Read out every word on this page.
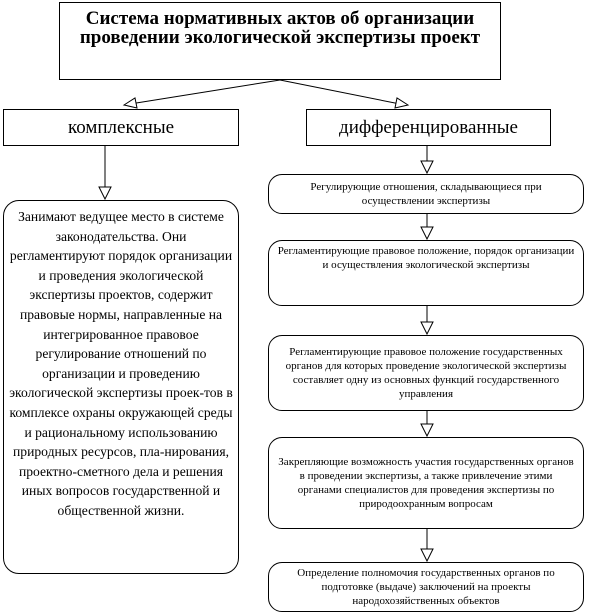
Система нормативных актов об организации
проведении экологической экспертизы проект
комплексные	дифференцированные
Занимают ведущее место в системе законодательства. Они регламентируют порядок организации и проведения экологической экспертизы проектов, содержит правовые нормы, направленные на интегрированное правовое регулирование отношений по организации и проведению экологической экспертизы проек-тов в комплексе охраны окружающей среды и рациональному использованию природных ресурсов, пла-нирования, проектно-сметного дела и решения иных вопросов государственной и общественной жизни.
Регулирующие отношения, складывающиеся при осуществлении экспертизы
Регламентирующие правовое положение, порядок организации и осуществления экологической экспертизы
Регламентирующие правовое положение государственных органов для которых проведение экологической экспертизы составляет одну из основных функций государственного управления
Закрепляющие возможность участия государственных органов в проведении экспертизы, а также привлечение этими органами специалистов для проведения экспертизы по природоохранным вопросам
Определение полномочия государственных органов по подготовке (выдаче) заключений на проекты народохозяйственных объектов
